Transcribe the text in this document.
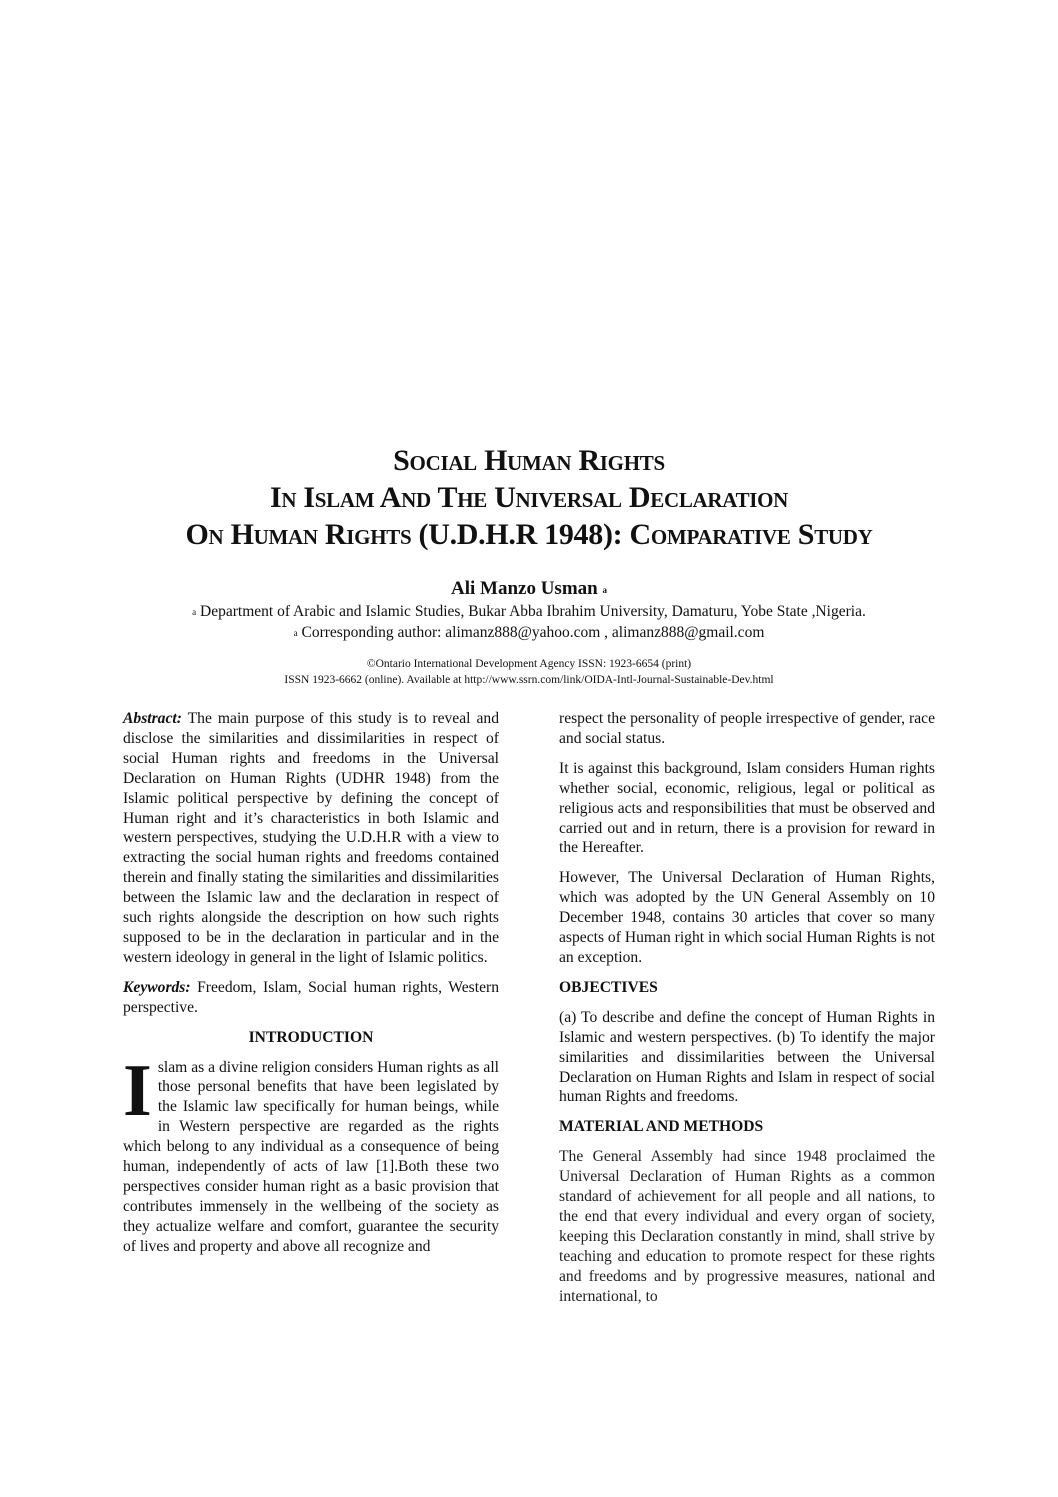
Social Human Rights
In Islam And The Universal Declaration
On Human Rights (U.D.H.R 1948): Comparative Study
Ali Manzo Usman $^a$
$^a$ Department of Arabic and Islamic Studies, Bukar Abba Ibrahim University, Damaturu, Yobe State ,Nigeria.
$^a$ Corresponding author: alimanz888@yahoo.com , alimanz888@gmail.com
©Ontario International Development Agency ISSN: 1923-6654 (print)
ISSN 1923-6662 (online). Available at http://www.ssrn.com/link/OIDA-Intl-Journal-Sustainable-Dev.html

Abstract: The main purpose of this study is to reveal and disclose the similarities and dissimilarities in respect of social Human rights and freedoms in the Universal Declaration on Human Rights (UDHR 1948) from the Islamic political perspective by defining the concept of Human right and it’s characteristics in both Islamic and western perspectives, studying the U.D.H.R with a view to extracting the social human rights and freedoms contained therein and finally stating the similarities and dissimilarities between the Islamic law and the declaration in respect of such rights alongside the description on how such rights supposed to be in the declaration in particular and in the western ideology in general in the light of Islamic politics.

Keywords: Freedom, Islam, Social human rights, Western perspective.

INTRODUCTION

I slam as a divine religion considers Human rights as all those personal benefits that have been legislated by the Islamic law specifically for human beings, while in Western perspective are regarded as the rights which belong to any individual as a consequence of being human, independently of acts of law [1].Both these two perspectives consider human right as a basic provision that contributes immensely in the wellbeing of the society as they actualize welfare and comfort, guarantee the security of lives and property and above all recognize and

respect the personality of people irrespective of gender, race and social status.

It is against this background, Islam considers Human rights whether social, economic, religious, legal or political as religious acts and responsibilities that must be observed and carried out and in return, there is a provision for reward in the Hereafter.

However, The Universal Declaration of Human Rights, which was adopted by the UN General Assembly on 10 December 1948, contains 30 articles that cover so many aspects of Human right in which social Human Rights is not an exception.

OBJECTIVES

(a) To describe and define the concept of Human Rights in Islamic and western perspectives. (b) To identify the major similarities and dissimilarities between the Universal Declaration on Human Rights and Islam in respect of social human Rights and freedoms.

MATERIAL AND METHODS

The General Assembly had since 1948 proclaimed the Universal Declaration of Human Rights as a common standard of achievement for all people and all nations, to the end that every individual and every organ of society, keeping this Declaration constantly in mind, shall strive by teaching and education to promote respect for these rights and freedoms and by progressive measures, national and international, to
